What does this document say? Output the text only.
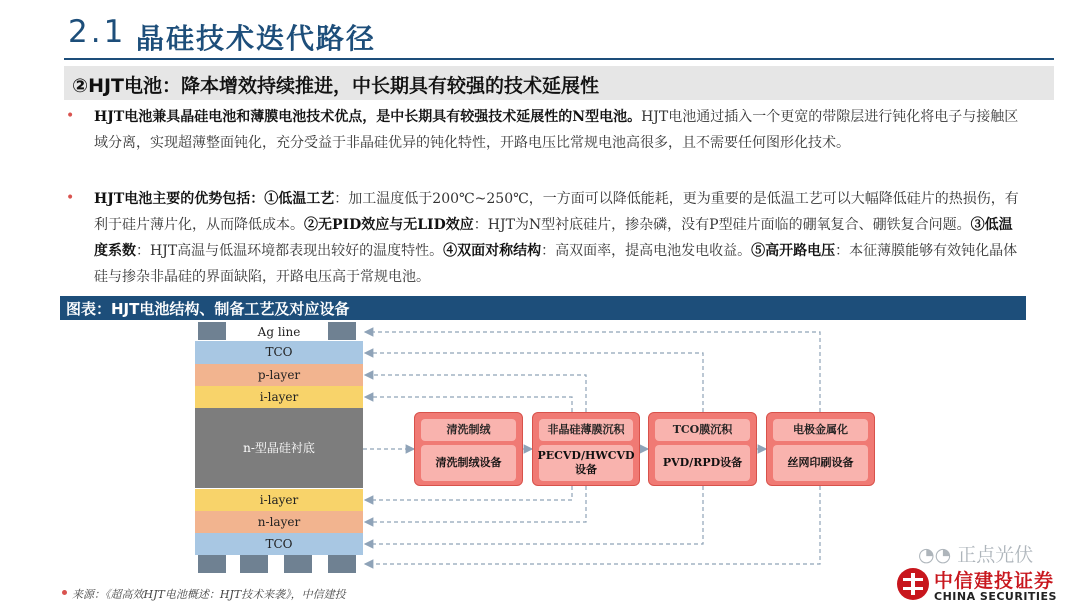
2.1 晶硅技术迭代路径
②HJT电池：降本增效持续推进，中长期具有较强的技术延展性
• HJT电池兼具晶硅电池和薄膜电池技术优点，是中长期具有较强技术延展性的N型电池。HJT电池通过插入一个更宽的带隙层进行钝化将电子与接触区域分离，实现超薄整面钝化，充分受益于非晶硅优异的钝化特性，开路电压比常规电池高很多，且不需要任何图形化技术。
• HJT电池主要的优势包括：①低温工艺：加工温度低于200℃~250℃，一方面可以降低能耗，更为重要的是低温工艺可以大幅降低硅片的热损伤，有利于硅片薄片化，从而降低成本。②无PID效应与无LID效应：HJT为N型衬底硅片，掺杂磷，没有P型硅片面临的硼氧复合、硼铁复合问题。③低温度系数：HJT高温与低温环境都表现出较好的温度特性。④双面对称结构：高双面率，提高电池发电收益。⑤高开路电压：本征薄膜能够有效钝化晶体硅与掺杂非晶硅的界面缺陷，开路电压高于常规电池。
图表：HJT电池结构、制备工艺及对应设备
Ag line
TCO
p-layer
i-layer
n-型晶硅衬底
i-layer
n-layer
TCO
清洗制绒
清洗制绒设备
非晶硅薄膜沉积
PECVD/HWCVD
设备
TCO膜沉积
PVD/RPD设备
电极金属化
丝网印刷设备
来源：《超高效HJT电池概述：HJT技术来袭》，中信建投
◔◔ 正点光伏
中信建投证券
CHINA SECURITIES
